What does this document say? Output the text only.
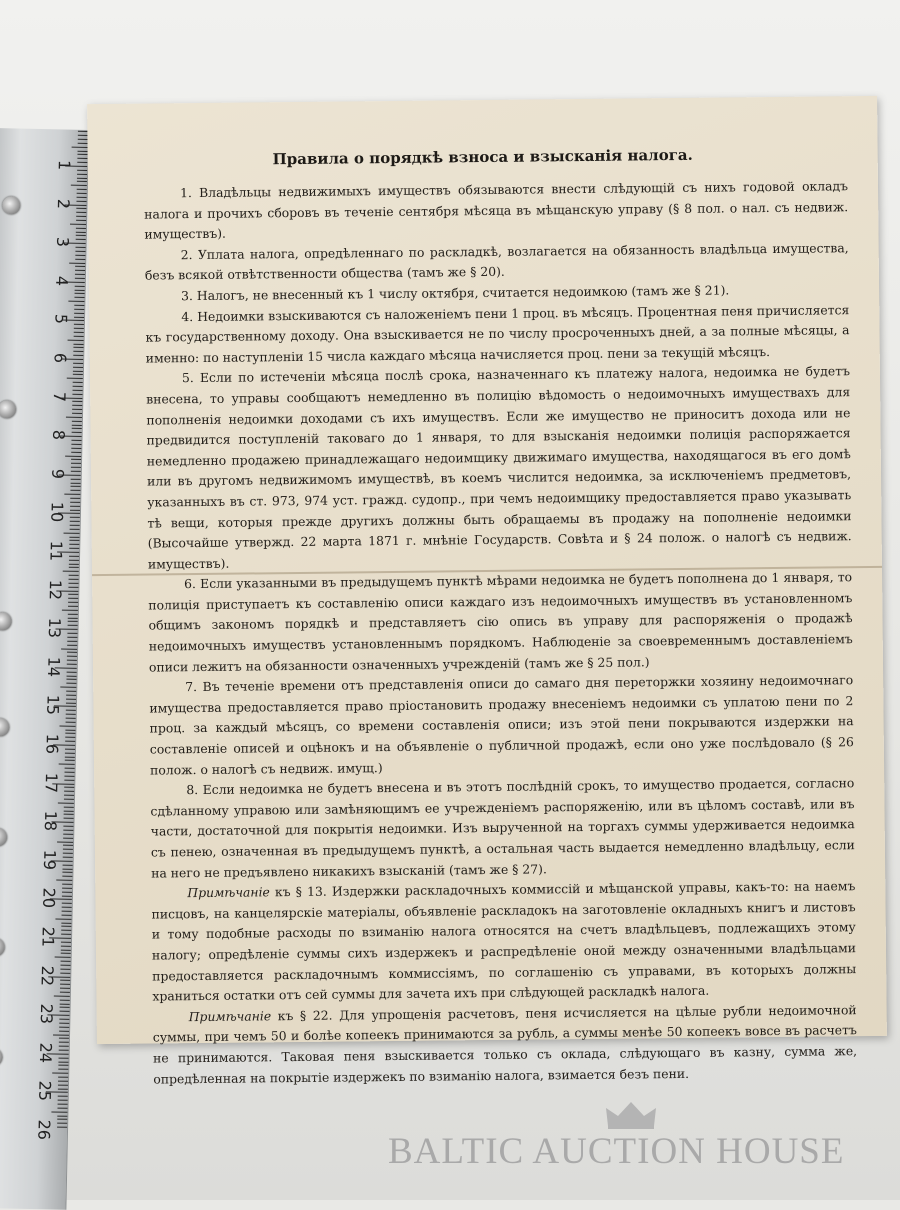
1
2
3
4
5
6
7
8
9
10
11
12
13
14
15
16
17
18
19
20
21
22
23
24
25
26
Правила о порядкѣ взноса и взысканія налога.

1. Владѣльцы недвижимыхъ имуществъ обязываются внести слѣдующій съ нихъ годовой окладъ налога и прочихъ сборовъ въ теченіе сентября мѣсяца въ мѣщанскую управу (§ 8 пол. о нал. съ недвиж. имуществъ).

2. Уплата налога, опредѣленнаго по раскладкѣ, возлагается на обязанность владѣльца имущества, безъ всякой отвѣтственности общества (тамъ же § 20).

3. Налогъ, не внесенный къ 1 числу октября, считается недоимкою (тамъ же § 21).

4. Недоимки взыскиваются съ наложеніемъ пени 1 проц. въ мѣсяцъ. Процентная пеня причисляется къ государственному доходу. Она взыскивается не по числу просроченныхъ дней, а за полные мѣсяцы, а именно: по наступленіи 15 числа каждаго мѣсяца начисляется проц. пени за текущій мѣсяцъ.

5. Если по истеченіи мѣсяца послѣ срока, назначеннаго къ платежу налога, недоимка не будетъ внесена, то управы сообщаютъ немедленно въ полицію вѣдомость о недоимочныхъ имуществахъ для пополненія недоимки доходами съ ихъ имуществъ. Если же имущество не приноситъ дохода или не предвидится поступленій таковаго до 1 января, то для взысканія недоимки полиція распоряжается немедленно продажею принадлежащаго недоимщику движимаго имущества, находящагося въ его домѣ или въ другомъ недвижимомъ имуществѣ, въ коемъ числится недоимка, за исключеніемъ предметовъ, указанныхъ въ ст. 973, 974 уст. гражд. судопр., при чемъ недоимщику предоставляется право указывать тѣ вещи, которыя прежде другихъ должны быть обращаемы въ продажу на пополненіе недоимки (Высочайше утвержд. 22 марта 1871 г. мнѣніе Государств. Совѣта и § 24 полож. о налогѣ съ недвиж. имуществъ).

6. Если указанными въ предыдущемъ пунктѣ мѣрами недоимка не будетъ пополнена до 1 января, то полиція приступаетъ къ составленію описи каждаго изъ недоимочныхъ имуществъ въ установленномъ общимъ закономъ порядкѣ и представляетъ сію опись въ управу для распоряженія о продажѣ недоимочныхъ имуществъ установленнымъ порядкомъ. Наблюденіе за своевременнымъ доставленіемъ описи лежитъ на обязанности означенныхъ учрежденій (тамъ же § 25 пол.)

7. Въ теченіе времени отъ представленія описи до самаго дня переторжки хозяину недоимочнаго имущества предоставляется право пріостановить продажу внесеніемъ недоимки съ уплатою пени по 2 проц. за каждый мѣсяцъ, со времени составленія описи; изъ этой пени покрываются издержки на составленіе описей и оцѣнокъ и на объявленіе о публичной продажѣ, если оно уже послѣдовало (§ 26 полож. о налогѣ съ недвиж. имущ.)

8. Если недоимка не будетъ внесена и въ этотъ послѣдній срокъ, то имущество продается, согласно сдѣланному управою или замѣняющимъ ее учрежденіемъ распоряженію, или въ цѣломъ составѣ, или въ части, достаточной для покрытія недоимки. Изъ вырученной на торгахъ суммы удерживается недоимка съ пенею, означенная въ предыдущемъ пунктѣ, а остальная часть выдается немедленно владѣльцу, если на него не предъявлено никакихъ взысканій (тамъ же § 27).

Примѣчаніе къ § 13. Издержки раскладочныхъ коммиссій и мѣщанской управы, какъ-то: на наемъ писцовъ, на канцелярскіе матеріалы, объявленіе раскладокъ на заготовленіе окладныхъ книгъ и листовъ и тому подобные расходы по взиманію налога относятся на счетъ владѣльцевъ, подлежащихъ этому налогу; опредѣленіе суммы сихъ издержекъ и распредѣленіе оной между означенными владѣльцами предоставляется раскладочнымъ коммиссіямъ, по соглашенію съ управами, въ которыхъ должны храниться остатки отъ сей суммы для зачета ихъ при слѣдующей раскладкѣ налога.

Примѣчаніе къ § 22. Для упрощенія расчетовъ, пеня исчисляется на цѣлые рубли недоимочной суммы, при чемъ 50 и болѣе копеекъ принимаются за рубль, а суммы менѣе 50 копеекъ вовсе въ расчетъ не принимаются. Таковая пеня взыскивается только съ оклада, слѣдующаго въ казну, сумма же, опредѣленная на покрытіе издержекъ по взиманію налога, взимается безъ пени.

BALTIC AUCTION HOUSE
